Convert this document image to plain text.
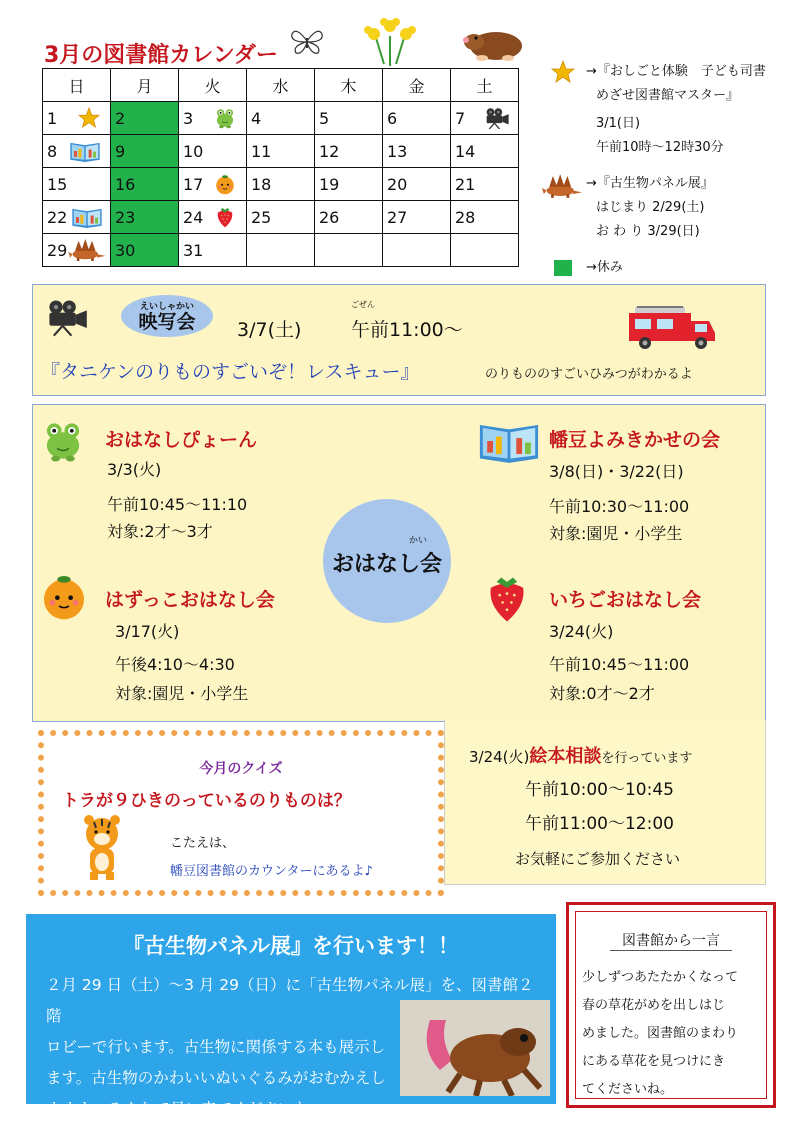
3月の図書館カレンダー
日	月	火	水	木	金	土
1	2	3	4	5	6	7

8	9	10	11	12	13	14
15	16	17	18	19	20	21
22	23	24	25	26	27	28
29	30	31				
→『おしごと体験　子ども司書
めざせ図書館マスター』
3/1(日)
午前10時～12時30分
→『古生物パネル展』
はじまり 2/29(土)
お わ り 3/29(日)
→休み
えいしゃかい
映写会	3/7(土)
ごぜん
午前11:00～
『タニケンのりものすごいぞ！レスキュー』	のりもののすごいひみつがわかるよ
かい
おはなし会
おはなしぴょーん
3/3(火)
午前10:45～11:10
対象:2才～3才
幡豆よみきかせの会
3/8(日)・3/22(日)
午前10:30～11:00
対象:園児・小学生
はずっこおはなし会
3/17(火)
午後4:10～4:30
対象:園児・小学生
いちごおはなし会
3/24(火)
午前10:45～11:00
対象:0才～2才
3/24(火)絵本相談を行っています
午前10:00～10:45
午前11:00～12:00
お気軽にご参加ください
今月のクイズ
トラが９ひきのっているのりものは？
こたえは、
幡豆図書館のカウンターにあるよ♪
『古生物パネル展』を行います！！
２月 29 日（土）～3 月 29（日）に「古生物パネル展」を、図書館２階
ロビーで行います。古生物に関係する本も展示し
ます。古生物のかわいいぬいぐるみがおむかえし
ますよ。みんなで見に来てくださいね。
図書館から一言
少しずつあたたかくなって
春の草花がめを出しはじ
めました。図書館のまわり
にある草花を見つけにき
てくださいね。
